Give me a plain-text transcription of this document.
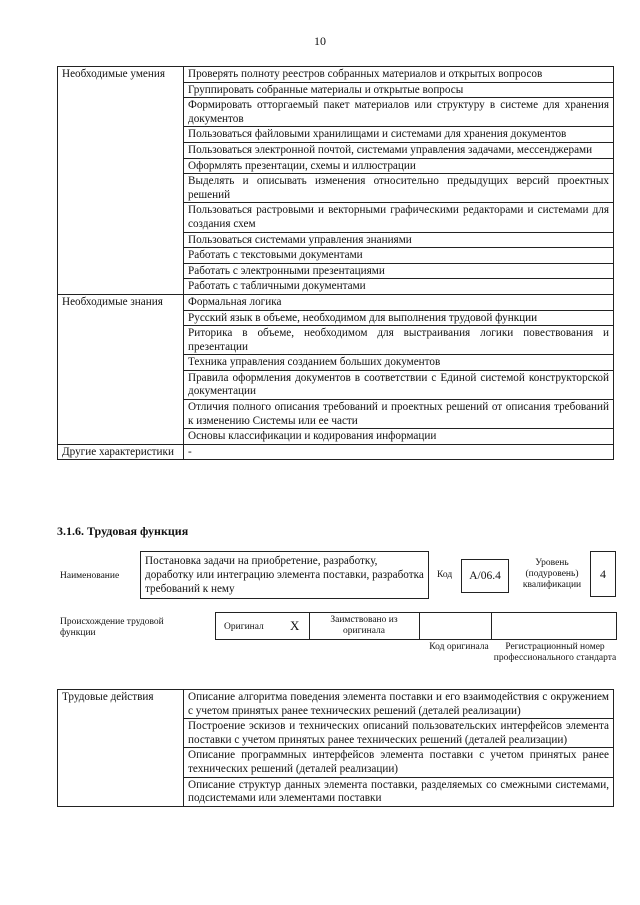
10
Необходимые умения	Проверять полноту реестров собранных материалов и открытых вопросов
	Группировать собранные материалы и открытые вопросы
	Формировать отторгаемый пакет материалов или структуру в системе для хранения документов
	Пользоваться файловыми хранилищами и системами для хранения документов
	Пользоваться электронной почтой, системами управления задачами, мессенджерами
	Оформлять презентации, схемы и иллюстрации
	Выделять и описывать изменения относительно предыдущих версий проектных решений
	Пользоваться растровыми и векторными графическими редакторами и системами для создания схем
	Пользоваться системами управления знаниями
	Работать с текстовыми документами
	Работать с электронными презентациями
	Работать с табличными документами
Необходимые знания	Формальная логика
	Русский язык в объеме, необходимом для выполнения трудовой функции
	Риторика в объеме, необходимом для выстраивания логики повествования и презентации
	Техника управления созданием больших документов
	Правила оформления документов в соответствии с Единой системой конструкторской документации
	Отличия полного описания требований и проектных решений от описания требований к изменению Системы или ее части
	Основы классификации и кодирования информации
Другие характеристики	-
3.1.6. Трудовая функция
Наименование
Постановка задачи на приобретение, разработку, доработку или интеграцию элемента поставки, разработка требований к нему
Код	A/06.4
Уровень (подуровень) квалификации
4
Происхождение трудовой функции
Оригинал X	Заимствовано из оригинала
Код оригинала	Регистрационный номер профессионального стандарта
Трудовые действия	Описание алгоритма поведения элемента поставки и его взаимодействия с окружением с учетом принятых ранее технических решений (деталей реализации)
Построение эскизов и технических описаний пользовательских интерфейсов элемента поставки с учетом принятых ранее технических решений (деталей реализации)
Описание программных интерфейсов элемента поставки с учетом принятых ранее технических решений (деталей реализации)
Описание структур данных элемента поставки, разделяемых со смежными системами, подсистемами или элементами поставки
